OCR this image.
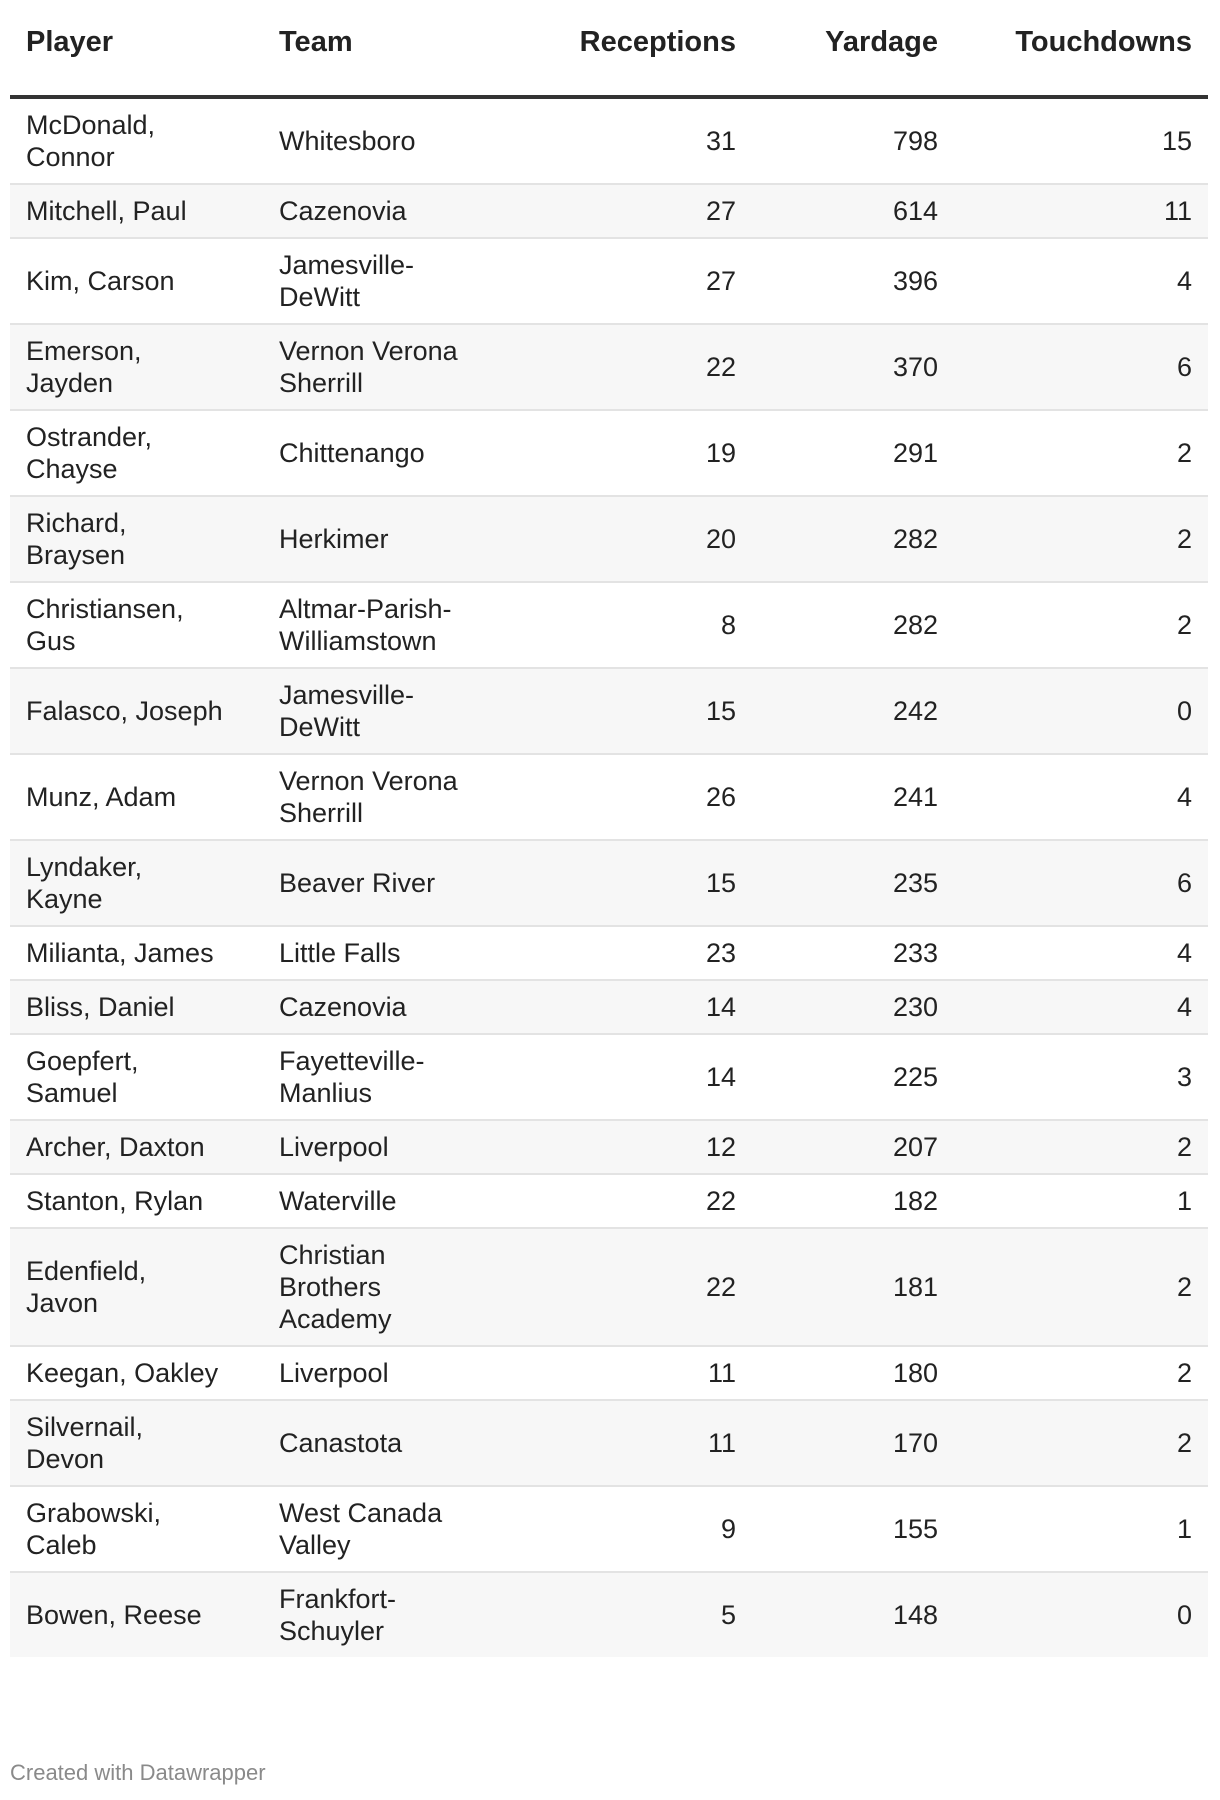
Player	Team	Receptions	Yardage	Touchdowns
McDonald, Connor	Whitesboro	31	798	15
Mitchell, Paul	Cazenovia	27	614	11
Kim, Carson	Jamesville-DeWitt	27	396	4
Emerson, Jayden	Vernon Verona Sherrill	22	370	6
Ostrander, Chayse	Chittenango	19	291	2
Richard, Braysen	Herkimer	20	282	2
Christiansen, Gus	Altmar-Parish-Williamstown	8	282	2
Falasco, Joseph	Jamesville-DeWitt	15	242	0
Munz, Adam	Vernon Verona Sherrill	26	241	4
Lyndaker, Kayne	Beaver River	15	235	6
Milianta, James	Little Falls	23	233	4
Bliss, Daniel	Cazenovia	14	230	4
Goepfert, Samuel	Fayetteville-Manlius	14	225	3
Archer, Daxton	Liverpool	12	207	2
Stanton, Rylan	Waterville	22	182	1
Edenfield, Javon	Christian Brothers Academy	22	181	2
Keegan, Oakley	Liverpool	11	180	2
Silvernail, Devon	Canastota	11	170	2
Grabowski, Caleb	West Canada Valley	9	155	1
Bowen, Reese	Frankfort-Schuyler	5	148	0
Created with Datawrapper
